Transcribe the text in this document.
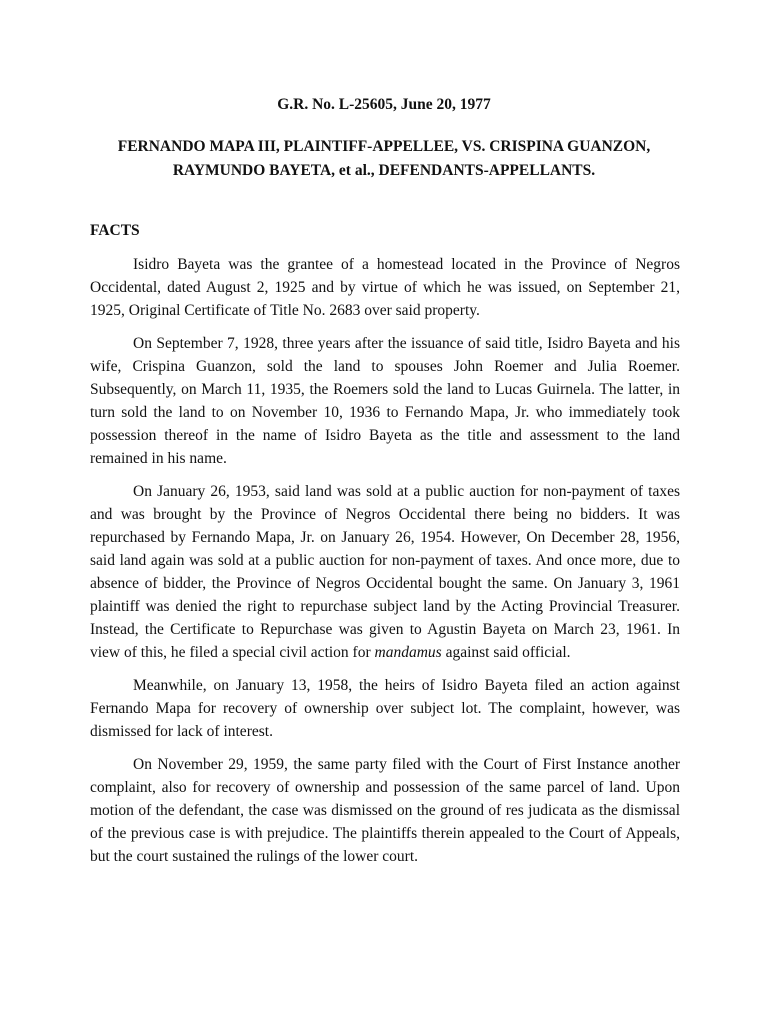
G.R. No. L-25605, June 20, 1977
FERNANDO MAPA III, PLAINTIFF-APPELLEE, VS. CRISPINA GUANZON, RAYMUNDO BAYETA, et al., DEFENDANTS-APPELLANTS.
FACTS

Isidro Bayeta was the grantee of a homestead located in the Province of Negros Occidental, dated August 2, 1925 and by virtue of which he was issued, on September 21, 1925, Original Certificate of Title No. 2683 over said property.

On September 7, 1928, three years after the issuance of said title, Isidro Bayeta and his wife, Crispina Guanzon, sold the land to spouses John Roemer and Julia Roemer. Subsequently, on March 11, 1935, the Roemers sold the land to Lucas Guirnela. The latter, in turn sold the land to on November 10, 1936 to Fernando Mapa, Jr. who immediately took possession thereof in the name of Isidro Bayeta as the title and assessment to the land remained in his name.

On January 26, 1953, said land was sold at a public auction for non-payment of taxes and was brought by the Province of Negros Occidental there being no bidders. It was repurchased by Fernando Mapa, Jr. on January 26, 1954. However, On December 28, 1956, said land again was sold at a public auction for non-payment of taxes. And once more, due to absence of bidder, the Province of Negros Occidental bought the same. On January 3, 1961 plaintiff was denied the right to repurchase subject land by the Acting Provincial Treasurer. Instead, the Certificate to Repurchase was given to Agustin Bayeta on March 23, 1961. In view of this, he filed a special civil action for mandamus against said official.

Meanwhile, on January 13, 1958, the heirs of Isidro Bayeta filed an action against Fernando Mapa for recovery of ownership over subject lot. The complaint, however, was dismissed for lack of interest.

On November 29, 1959, the same party filed with the Court of First Instance another complaint, also for recovery of ownership and possession of the same parcel of land. Upon motion of the defendant, the case was dismissed on the ground of res judicata as the dismissal of the previous case is with prejudice. The plaintiffs therein appealed to the Court of Appeals, but the court sustained the rulings of the lower court.
